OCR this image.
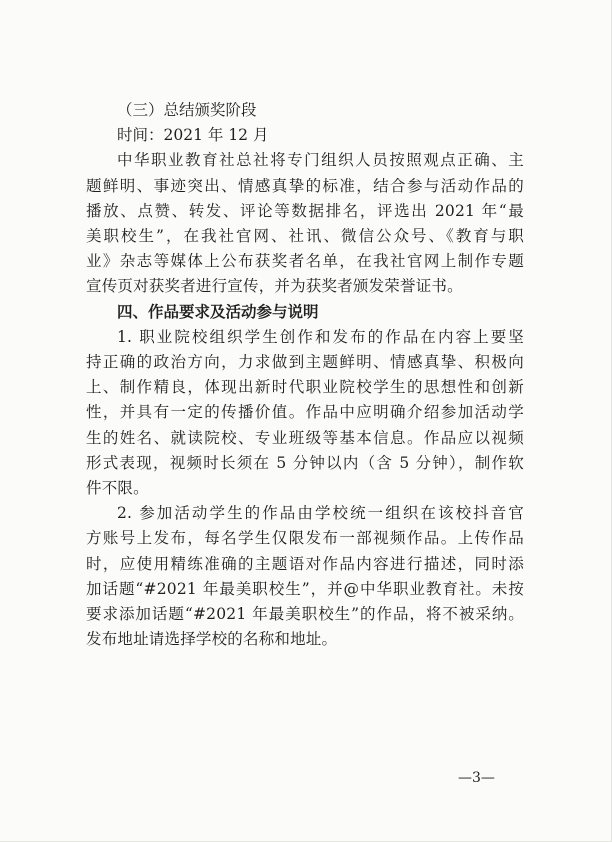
（三）总结颁奖阶段
时间：2021 年 12 月
中华职业教育社总社将专门组织人员按照观点正确、主
题鲜明、事迹突出、情感真挚的标准，结合参与活动作品的
播放、点赞、转发、评论等数据排名，评选出 2021 年“最
美职校生”，在我社官网、社讯、微信公众号、《教育与职
业》杂志等媒体上公布获奖者名单，在我社官网上制作专题
宣传页对获奖者进行宣传，并为获奖者颁发荣誉证书。
四、作品要求及活动参与说明
1. 职业院校组织学生创作和发布的作品在内容上要坚
持正确的政治方向，力求做到主题鲜明、情感真挚、积极向
上、制作精良，体现出新时代职业院校学生的思想性和创新
性，并具有一定的传播价值。作品中应明确介绍参加活动学
生的姓名、就读院校、专业班级等基本信息。作品应以视频
形式表现，视频时长须在 5 分钟以内（含 5 分钟），制作软
件不限。
2. 参加活动学生的作品由学校统一组织在该校抖音官
方账号上发布，每名学生仅限发布一部视频作品。上传作品
时，应使用精练准确的主题语对作品内容进行描述，同时添
加话题“#2021 年最美职校生”，并@中华职业教育社。未按
要求添加话题“#2021 年最美职校生”的作品，将不被采纳。
发布地址请选择学校的名称和地址。
—3—
